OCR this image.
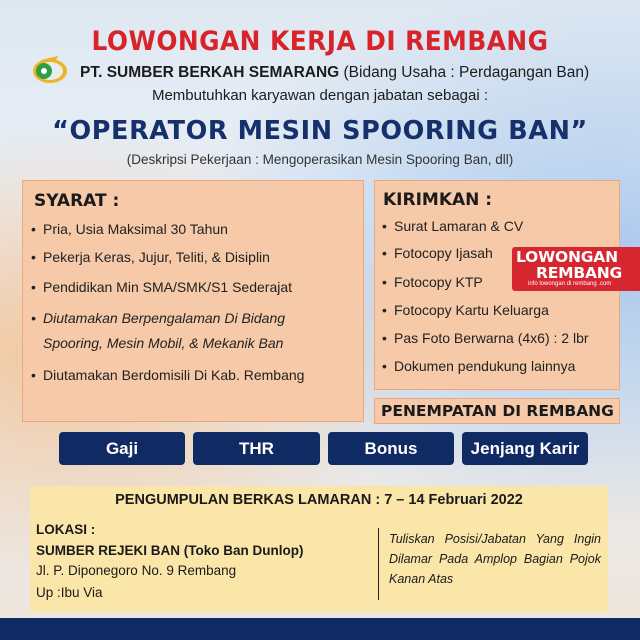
LOWONGAN KERJA DI REMBANG
PT. SUMBER BERKAH SEMARANG (Bidang Usaha : Perdagangan Ban)
Membutuhkan karyawan dengan jabatan sebagai :
“OPERATOR MESIN SPOORING BAN”
(Deskripsi Pekerjaan : Mengoperasikan Mesin Spooring Ban, dll)
SYARAT :
• Pria, Usia Maksimal 30 Tahun
• Pekerja Keras, Jujur, Teliti, & Disiplin
• Pendidikan Min SMA/SMK/S1 Sederajat
• Diutamakan Berpengalaman Di Bidang
Spooring, Mesin Mobil, & Mekanik Ban
• Diutamakan Berdomisili Di Kab. Rembang
KIRIMKAN :
• Surat Lamaran & CV
• Fotocopy Ijasah
• Fotocopy KTP
• Fotocopy Kartu Keluarga
• Pas Foto Berwarna (4x6) : 2 lbr
• Dokumen pendukung lainnya
PENEMPATAN DI REMBANG
Gaji	THR	Bonus	Jenjang Karir
PENGUMPULAN BERKAS LAMARAN : 7 – 14 Februari 2022
LOKASI :
SUMBER REJEKI BAN (Toko Ban Dunlop)
Jl. P. Diponegoro No. 9 Rembang
Up :Ibu Via
Tuliskan Posisi/Jabatan Yang Ingin Dilamar Pada Amplop Bagian Pojok Kanan Atas
LOWONGAN
REMBANG
info lowongan di rembang .com
